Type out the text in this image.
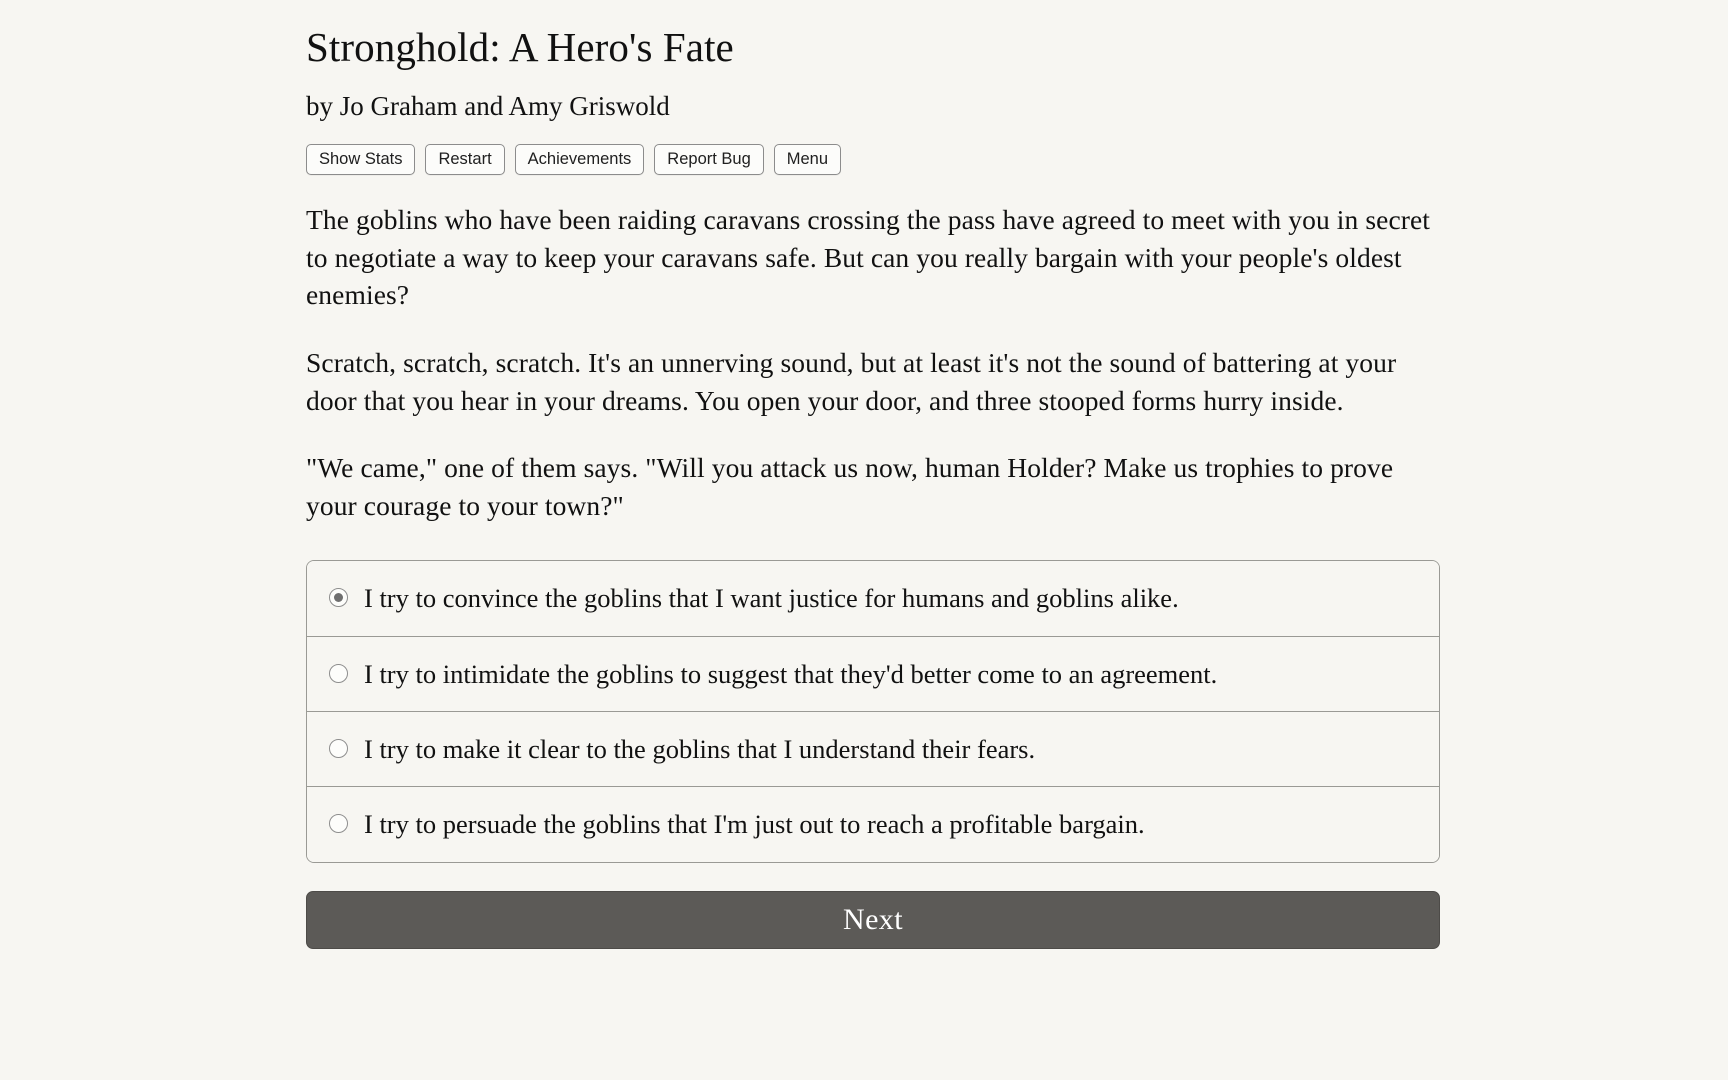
Stronghold: A Hero's Fate
by Jo Graham and Amy Griswold
Show Stats	Restart	Achievements	Report Bug	Menu

The goblins who have been raiding caravans crossing the pass have agreed to meet with you in secret to negotiate a way to keep your caravans safe. But can you really bargain with your people's oldest enemies?

Scratch, scratch, scratch. It's an unnerving sound, but at least it's not the sound of battering at your door that you hear in your dreams. You open your door, and three stooped forms hurry inside.

"We came," one of them says. "Will you attack us now, human Holder? Make us trophies to prove your courage to your town?"

I try to convince the goblins that I want justice for humans and goblins alike.
I try to intimidate the goblins to suggest that they'd better come to an agreement.
I try to make it clear to the goblins that I understand their fears.
I try to persuade the goblins that I'm just out to reach a profitable bargain.
Next
